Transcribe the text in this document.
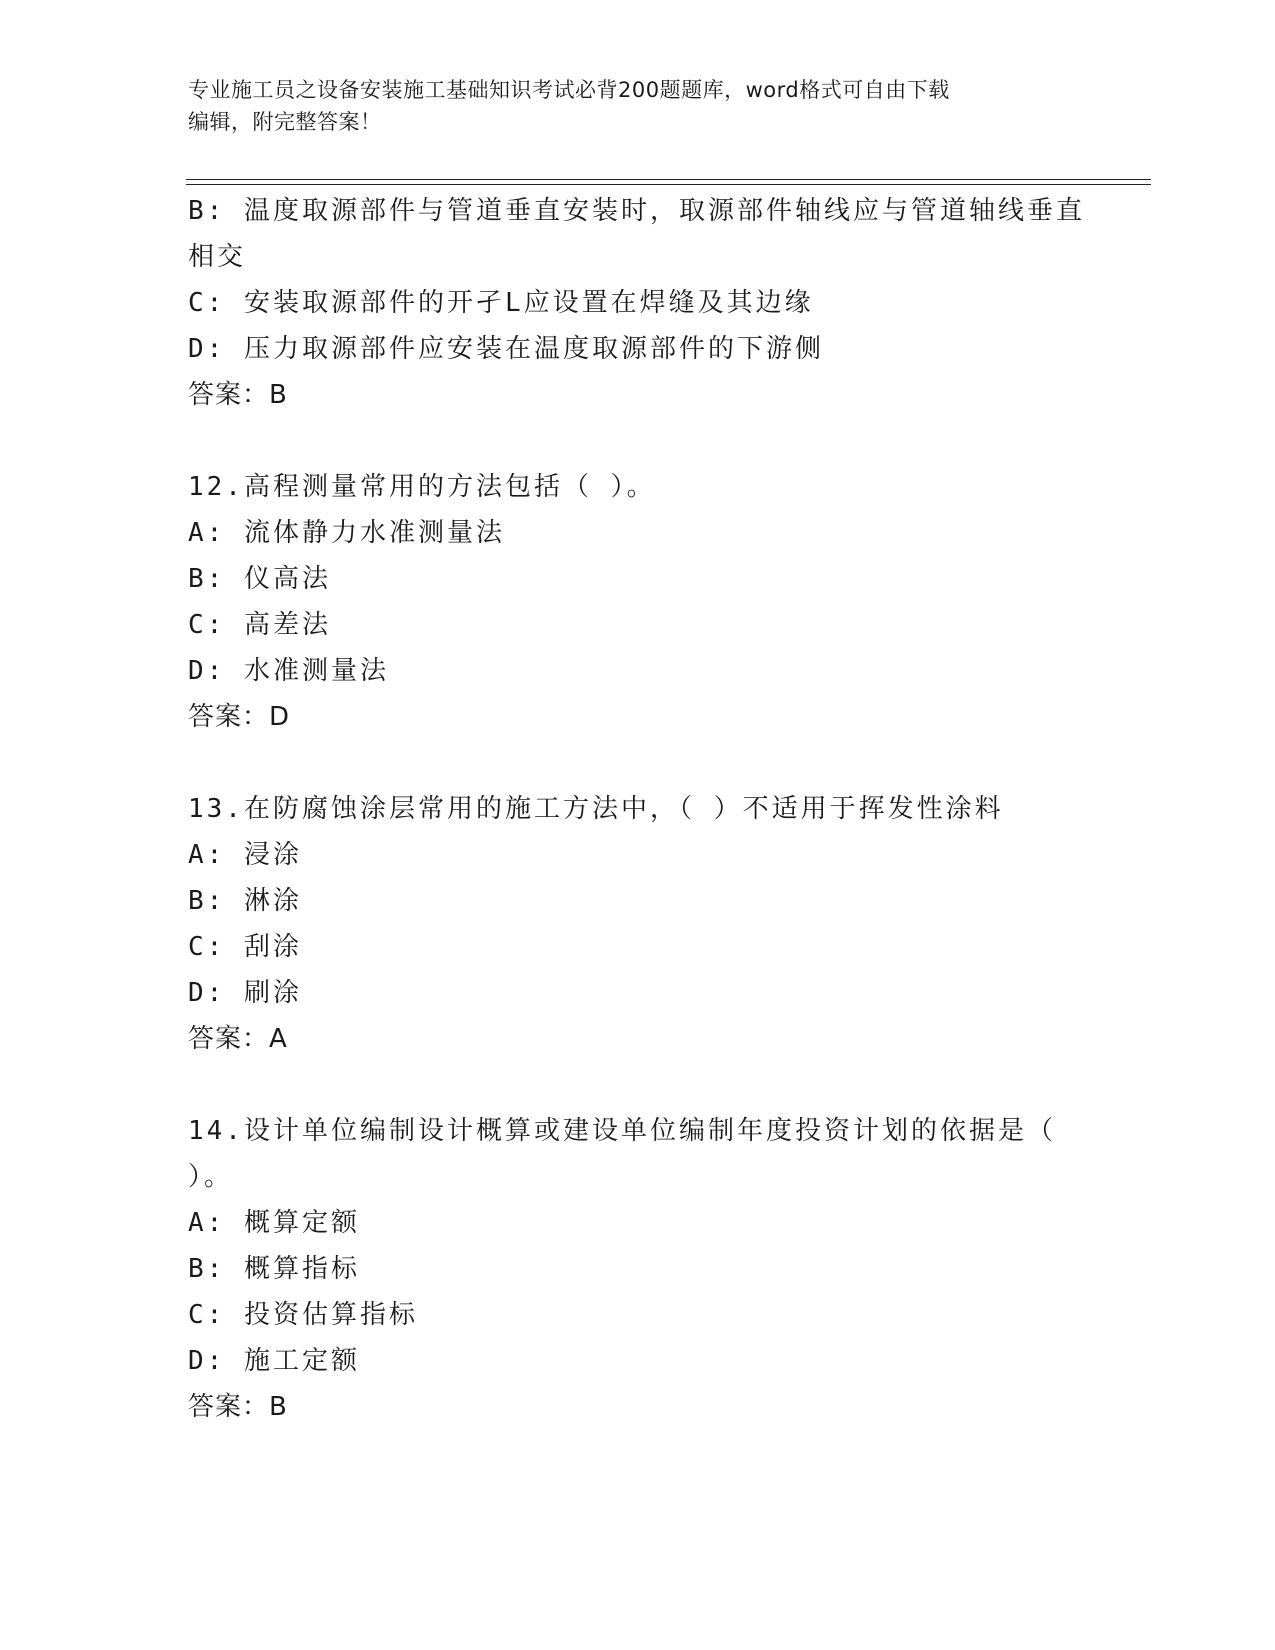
专业施工员之设备安装施工基础知识考试必背200题题库，word格式可自由下载
编辑，附完整答案！
B: 温度取源部件与管道垂直安装时，取源部件轴线应与管道轴线垂直
相交
C: 安装取源部件的开孑L应设置在焊缝及其边缘
D: 压力取源部件应安装在温度取源部件的下游侧
答案：B
12.高程测量常用的方法包括（ ）。
A: 流体静力水准测量法
B: 仪高法
C: 高差法
D: 水准测量法
答案：D
13.在防腐蚀涂层常用的施工方法中，（ ）不适用于挥发性涂料
A: 浸涂
B: 淋涂
C: 刮涂
D: 刷涂
答案：A
14.设计单位编制设计概算或建设单位编制年度投资计划的依据是（
）。
A: 概算定额
B: 概算指标
C: 投资估算指标
D: 施工定额
答案：B
